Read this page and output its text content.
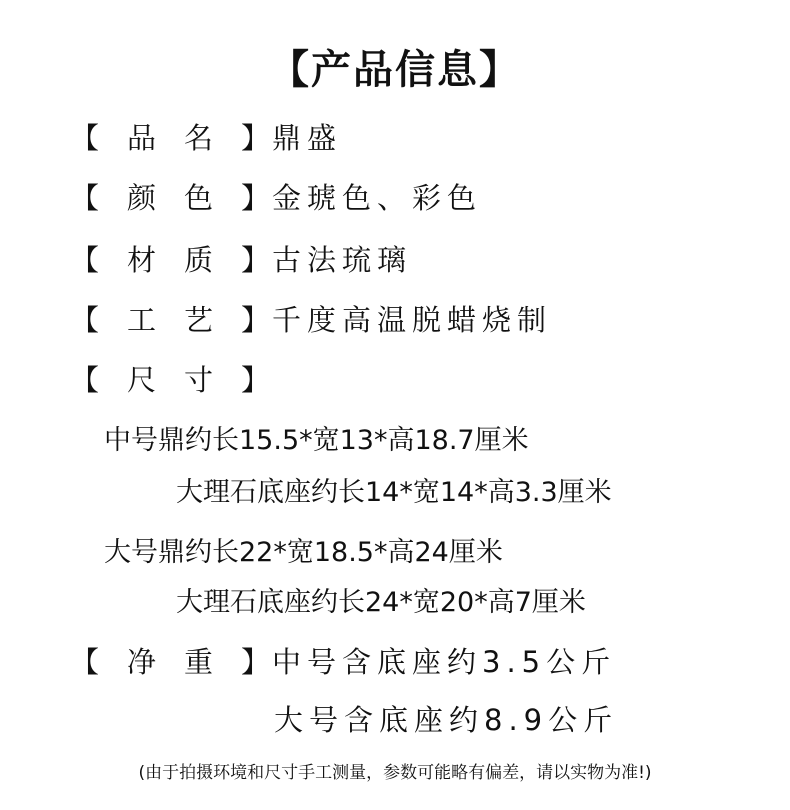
【产品信息】
【 品 名 】 鼎盛
【 颜 色 】 金琥色、彩色
【 材 质 】 古法琉璃
【 工 艺 】 千度高温脱蜡烧制
【 尺 寸 】
中号鼎约长15.5*宽13*高18.7厘米
大理石底座约长14*宽14*高3.3厘米
大号鼎约长22*宽18.5*高24厘米
大理石底座约长24*宽20*高7厘米
【 净 重 】 中号含底座约3.5公斤
大号含底座约8.9公斤
(由于拍摄环境和尺寸手工测量，参数可能略有偏差，请以实物为准!)
